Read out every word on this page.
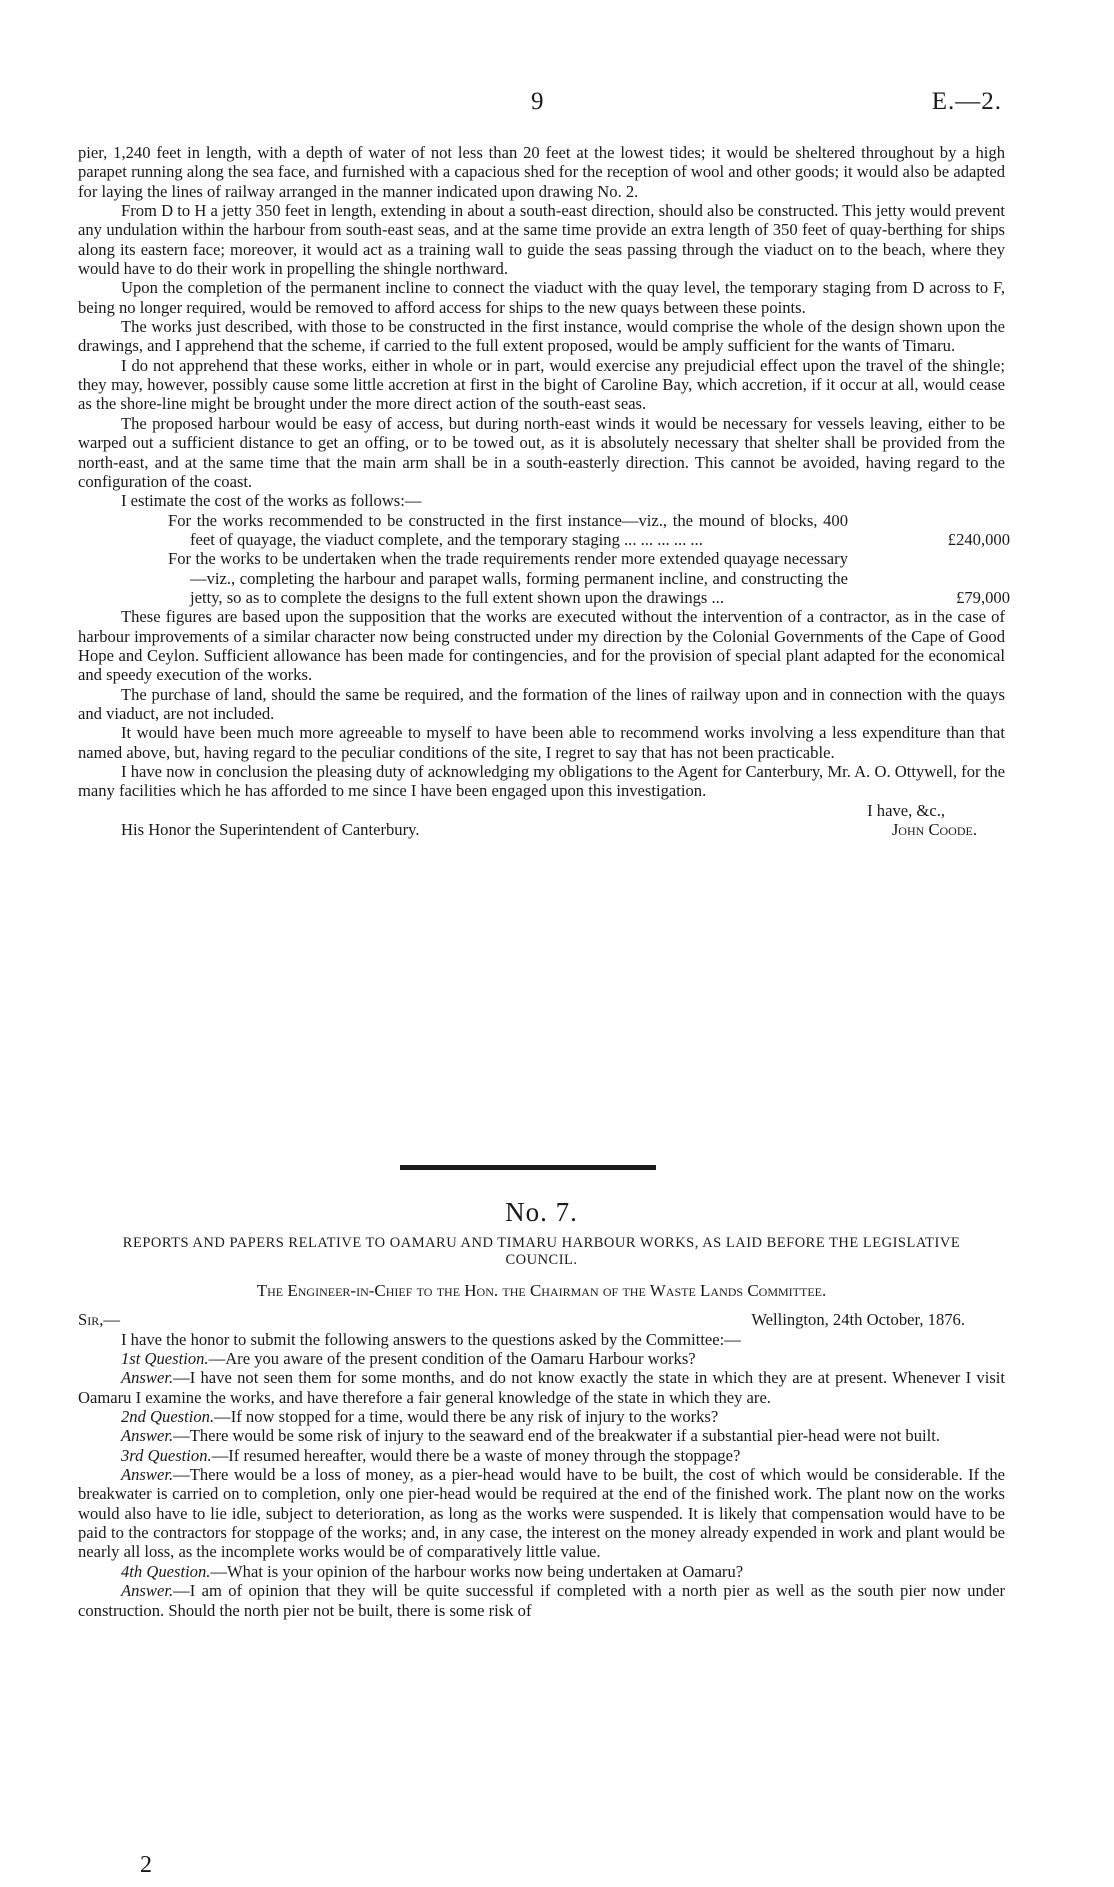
9	E.—2.

pier, 1,240 feet in length, with a depth of water of not less than 20 feet at the lowest tides; it would be sheltered throughout by a high parapet running along the sea face, and furnished with a capacious shed for the reception of wool and other goods; it would also be adapted for laying the lines of railway arranged in the manner indicated upon drawing No. 2.

From D to H a jetty 350 feet in length, extending in about a south-east direction, should also be constructed. This jetty would prevent any undulation within the harbour from south-east seas, and at the same time provide an extra length of 350 feet of quay-berthing for ships along its eastern face; moreover, it would act as a training wall to guide the seas passing through the viaduct on to the beach, where they would have to do their work in propelling the shingle northward.

Upon the completion of the permanent incline to connect the viaduct with the quay level, the temporary staging from D across to F, being no longer required, would be removed to afford access for ships to the new quays between these points.

The works just described, with those to be constructed in the first instance, would comprise the whole of the design shown upon the drawings, and I apprehend that the scheme, if carried to the full extent proposed, would be amply sufficient for the wants of Timaru.

I do not apprehend that these works, either in whole or in part, would exercise any prejudicial effect upon the travel of the shingle; they may, however, possibly cause some little accretion at first in the bight of Caroline Bay, which accretion, if it occur at all, would cease as the shore-line might be brought under the more direct action of the south-east seas.

The proposed harbour would be easy of access, but during north-east winds it would be necessary for vessels leaving, either to be warped out a sufficient distance to get an offing, or to be towed out, as it is absolutely necessary that shelter shall be provided from the north-east, and at the same time that the main arm shall be in a south-easterly direction. This cannot be avoided, having regard to the configuration of the coast.

I estimate the cost of the works as follows:—

For the works recommended to be constructed in the first instance—viz., the mound of blocks, 400 feet of quayage, the viaduct complete, and the temporary staging ... ... ... ... ...	£240,000
For the works to be undertaken when the trade requirements render more extended quayage necessary—viz., completing the harbour and parapet walls, forming permanent incline, and constructing the jetty, so as to complete the designs to the full extent shown upon the drawings ...	£79,000

These figures are based upon the supposition that the works are executed without the intervention of a contractor, as in the case of harbour improvements of a similar character now being constructed under my direction by the Colonial Governments of the Cape of Good Hope and Ceylon. Sufficient allowance has been made for contingencies, and for the provision of special plant adapted for the economical and speedy execution of the works.

The purchase of land, should the same be required, and the formation of the lines of railway upon and in connection with the quays and viaduct, are not included.

It would have been much more agreeable to myself to have been able to recommend works involving a less expenditure than that named above, but, having regard to the peculiar conditions of the site, I regret to say that has not been practicable.

I have now in conclusion the pleasing duty of acknowledging my obligations to the Agent for Canterbury, Mr. A. O. Ottywell, for the many facilities which he has afforded to me since I have been engaged upon this investigation.

I have, &c.,
His Honor the Superintendent of Canterbury.	John Coode.
No. 7.
REPORTS AND PAPERS RELATIVE TO OAMARU AND TIMARU HARBOUR WORKS, AS LAID BEFORE THE LEGISLATIVE COUNCIL.
The Engineer-in-Chief to the Hon. the Chairman of the Waste Lands Committee.
Sir,—	Wellington, 24th October, 1876.

I have the honor to submit the following answers to the questions asked by the Committee:—

1st Question.—Are you aware of the present condition of the Oamaru Harbour works?

Answer.—I have not seen them for some months, and do not know exactly the state in which they are at present. Whenever I visit Oamaru I examine the works, and have therefore a fair general knowledge of the state in which they are.

2nd Question.—If now stopped for a time, would there be any risk of injury to the works?

Answer.—There would be some risk of injury to the seaward end of the breakwater if a substantial pier-head were not built.

3rd Question.—If resumed hereafter, would there be a waste of money through the stoppage?

Answer.—There would be a loss of money, as a pier-head would have to be built, the cost of which would be considerable. If the breakwater is carried on to completion, only one pier-head would be required at the end of the finished work. The plant now on the works would also have to lie idle, subject to deterioration, as long as the works were suspended. It is likely that compensation would have to be paid to the contractors for stoppage of the works; and, in any case, the interest on the money already expended in work and plant would be nearly all loss, as the incomplete works would be of comparatively little value.

4th Question.—What is your opinion of the harbour works now being undertaken at Oamaru?

Answer.—I am of opinion that they will be quite successful if completed with a north pier as well as the south pier now under construction. Should the north pier not be built, there is some risk of

2
